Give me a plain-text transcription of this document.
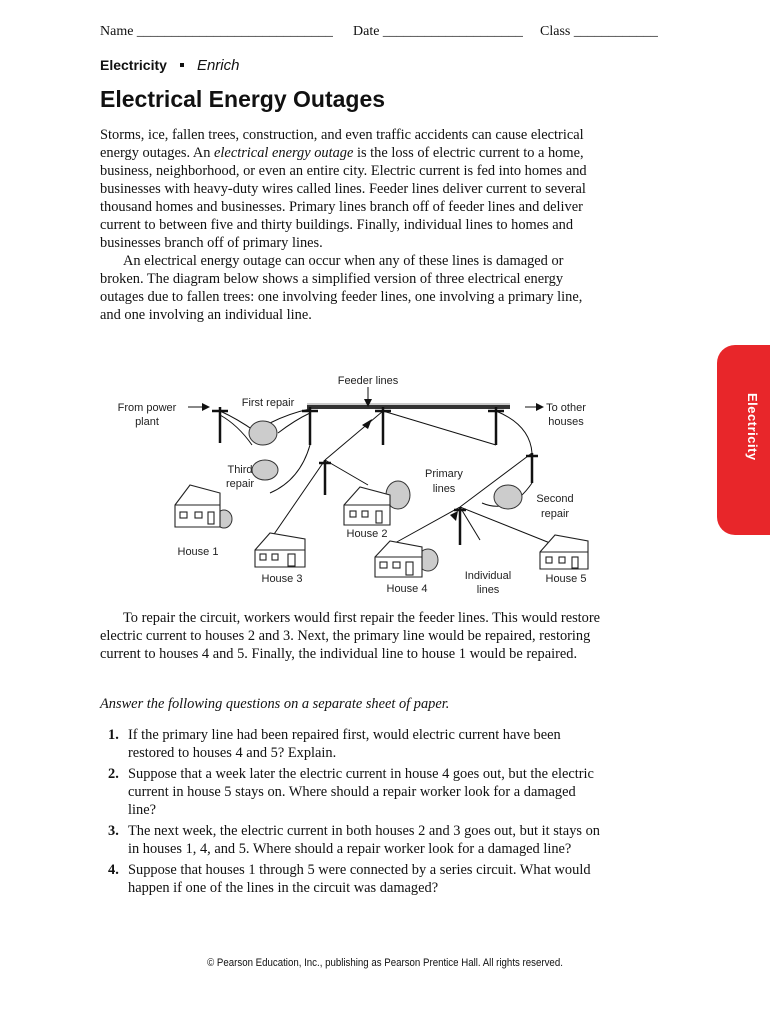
Name ____________________________ Date ____________________ Class ____________
Electricity Enrich
Electrical Energy Outages

Storms, ice, fallen trees, construction, and even traffic accidents can cause electrical energy outages. An electrical energy outage is the loss of electric current to a home, business, neighborhood, or even an entire city. Electric current is fed into homes and businesses with heavy-duty wires called lines. Feeder lines deliver current to several thousand homes and businesses. Primary lines branch off of feeder lines and deliver current to between five and thirty buildings. Finally, individual lines to homes and businesses branch off of primary lines.

An electrical energy outage can occur when any of these lines is damaged or broken. The diagram below shows a simplified version of three electrical energy outages due to fallen trees: one involving feeder lines, one involving a primary line, and one involving an individual line.

Feeder lines
From power
plant
First repair	To other
houses
Third
repair
Primary
lines
Second
repair
House 1
House 2
House 3
House 4
House 5
Individual
lines

To repair the circuit, workers would first repair the feeder lines. This would restore electric current to houses 2 and 3. Next, the primary line would be repaired, restoring current to houses 4 and 5. Finally, the individual line to house 1 would be repaired.

Answer the following questions on a separate sheet of paper.
1. If the primary line had been repaired first, would electric current have been restored to houses 4 and 5? Explain.
2. Suppose that a week later the electric current in house 4 goes out, but the electric current in house 5 stays on. Where should a repair worker look for a damaged line?
3. The next week, the electric current in both houses 2 and 3 goes out, but it stays on in houses 1, 4, and 5. Where should a repair worker look for a damaged line?
4. Suppose that houses 1 through 5 were connected by a series circuit. What would happen if one of the lines in the circuit was damaged?
© Pearson Education, Inc., publishing as Pearson Prentice Hall. All rights reserved.
Electricity
